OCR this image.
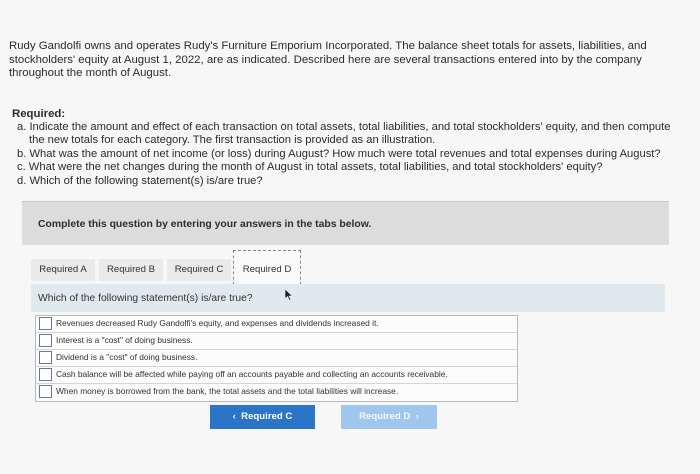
Rudy Gandolfi owns and operates Rudy's Furniture Emporium Incorporated. The balance sheet totals for assets, liabilities, and stockholders' equity at August 1, 2022, are as indicated. Described here are several transactions entered into by the company throughout the month of August.
Required:
a. Indicate the amount and effect of each transaction on total assets, total liabilities, and total stockholders' equity, and then compute
the new totals for each category. The first transaction is provided as an illustration.
b. What was the amount of net income (or loss) during August? How much were total revenues and total expenses during August?
c. What were the net changes during the month of August in total assets, total liabilities, and total stockholders' equity?
d. Which of the following statement(s) is/are true?
Complete this question by entering your answers in the tabs below.
Required A	Required B	Required C	Required D
Which of the following statement(s) is/are true?
Revenues decreased Rudy Gandolfi's equity, and expenses and dividends increased it.
Interest is a "cost" of doing business.
Dividend is a "cost" of doing business.
Cash balance will be affected while paying off an accounts payable and collecting an accounts receivable.
When money is borrowed from the bank, the total assets and the total liabilities will increase.
‹ Required C	Required D ›
